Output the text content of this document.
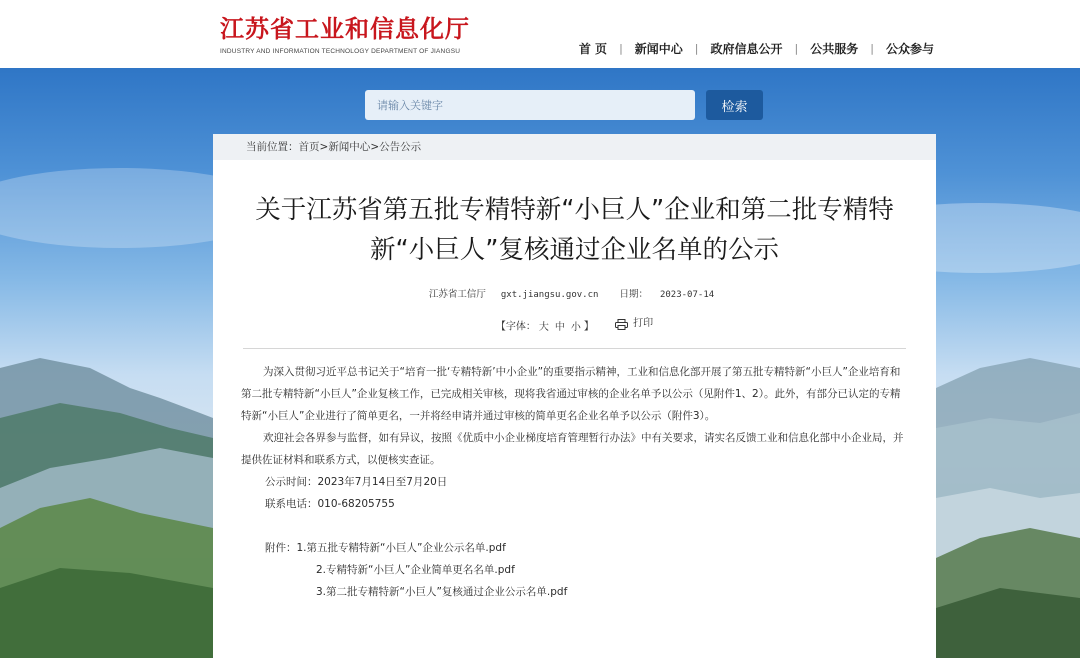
江苏省工业和信息化厅
INDUSTRY AND INFORMATION TECHNOLOGY DEPARTMENT OF JIANGSU	首 页 | 新闻中心 | 政府信息公开 | 公共服务 | 公众参与
请输入关键字
检索
当前位置：首页>新闻中心>公告公示
关于江苏省第五批专精特新“小巨人”企业和第二批专精特新“小巨人”复核通过企业名单的公示
江苏省工信厅 gxt.jiangsu.gov.cn 日期： 2023-07-14
【字体： 大 中 小 】	打印

为深入贯彻习近平总书记关于“培育一批‘专精特新’中小企业”的重要指示精神，工业和信息化部开展了第五批专精特新“小巨人”企业培育和第二批专精特新“小巨人”企业复核工作，已完成相关审核，现将我省通过审核的企业名单予以公示（见附件1、2）。此外，有部分已认定的专精特新“小巨人”企业进行了简单更名，一并将经申请并通过审核的简单更名企业名单予以公示（附件3）。

欢迎社会各界参与监督，如有异议，按照《优质中小企业梯度培育管理暂行办法》中有关要求，请实名反馈工业和信息化部中小企业局，并提供佐证材料和联系方式，以便核实查证。

公示时间：2023年7月14日至7月20日

联系电话：010-68205755

附件：1.第五批专精特新“小巨人”企业公示名单.pdf

2.专精特新“小巨人”企业简单更名名单.pdf

3.第二批专精特新“小巨人”复核通过企业公示名单.pdf
